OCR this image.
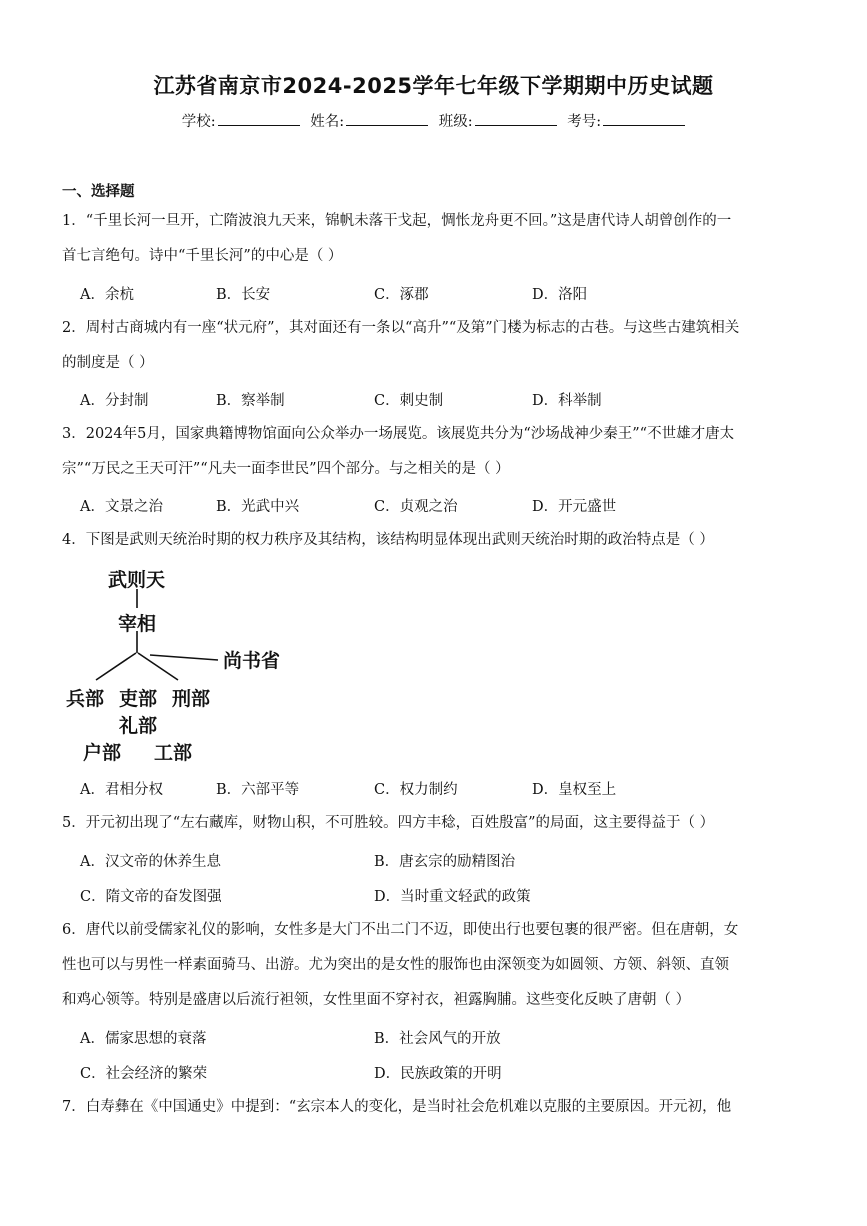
江苏省南京市2024-2025学年七年级下学期期中历史试题
学校:	姓名:	班级:	考号:
一、选择题
1．“千里长河一旦开，亡隋波浪九天来，锦帆未落干戈起，惆怅龙舟更不回。”这是唐代诗人胡曾创作的一
首七言绝句。诗中“千里长河”的中心是（ ）
A．余杭	B．长安	C．涿郡	D．洛阳
2．周村古商城内有一座“状元府”，其对面还有一条以“高升”“及第”门楼为标志的古巷。与这些古建筑相关
的制度是（ ）
A．分封制	B．察举制	C．刺史制	D．科举制
3．2024年5月，国家典籍博物馆面向公众举办一场展览。该展览共分为“沙场战神少秦王”“不世雄才唐太
宗”“万民之王天可汗”“凡夫一面李世民”四个部分。与之相关的是（ ）
A．文景之治	B．光武中兴	C．贞观之治	D．开元盛世
4．下图是武则天统治时期的权力秩序及其结构，该结构明显体现出武则天统治时期的政治特点是（ ）
武则天
宰相
尚书省
兵部 吏部 刑部
礼部
户部 工部
A．君相分权	B．六部平等	C．权力制约	D．皇权至上
5．开元初出现了“左右藏库，财物山积，不可胜较。四方丰稔，百姓殷富”的局面，这主要得益于（ ）
A．汉文帝的休养生息	B．唐玄宗的励精图治
C．隋文帝的奋发图强	D．当时重文轻武的政策
6．唐代以前受儒家礼仪的影响，女性多是大门不出二门不迈，即使出行也要包裹的很严密。但在唐朝，女
性也可以与男性一样素面骑马、出游。尤为突出的是女性的服饰也由深领变为如圆领、方领、斜领、直领
和鸡心领等。特别是盛唐以后流行袒领，女性里面不穿衬衣，袒露胸脯。这些变化反映了唐朝（ ）
A．儒家思想的衰落	B．社会风气的开放
C．社会经济的繁荣	D．民族政策的开明
7．白寿彝在《中国通史》中提到：“玄宗本人的变化，是当时社会危机难以克服的主要原因。开元初，他
